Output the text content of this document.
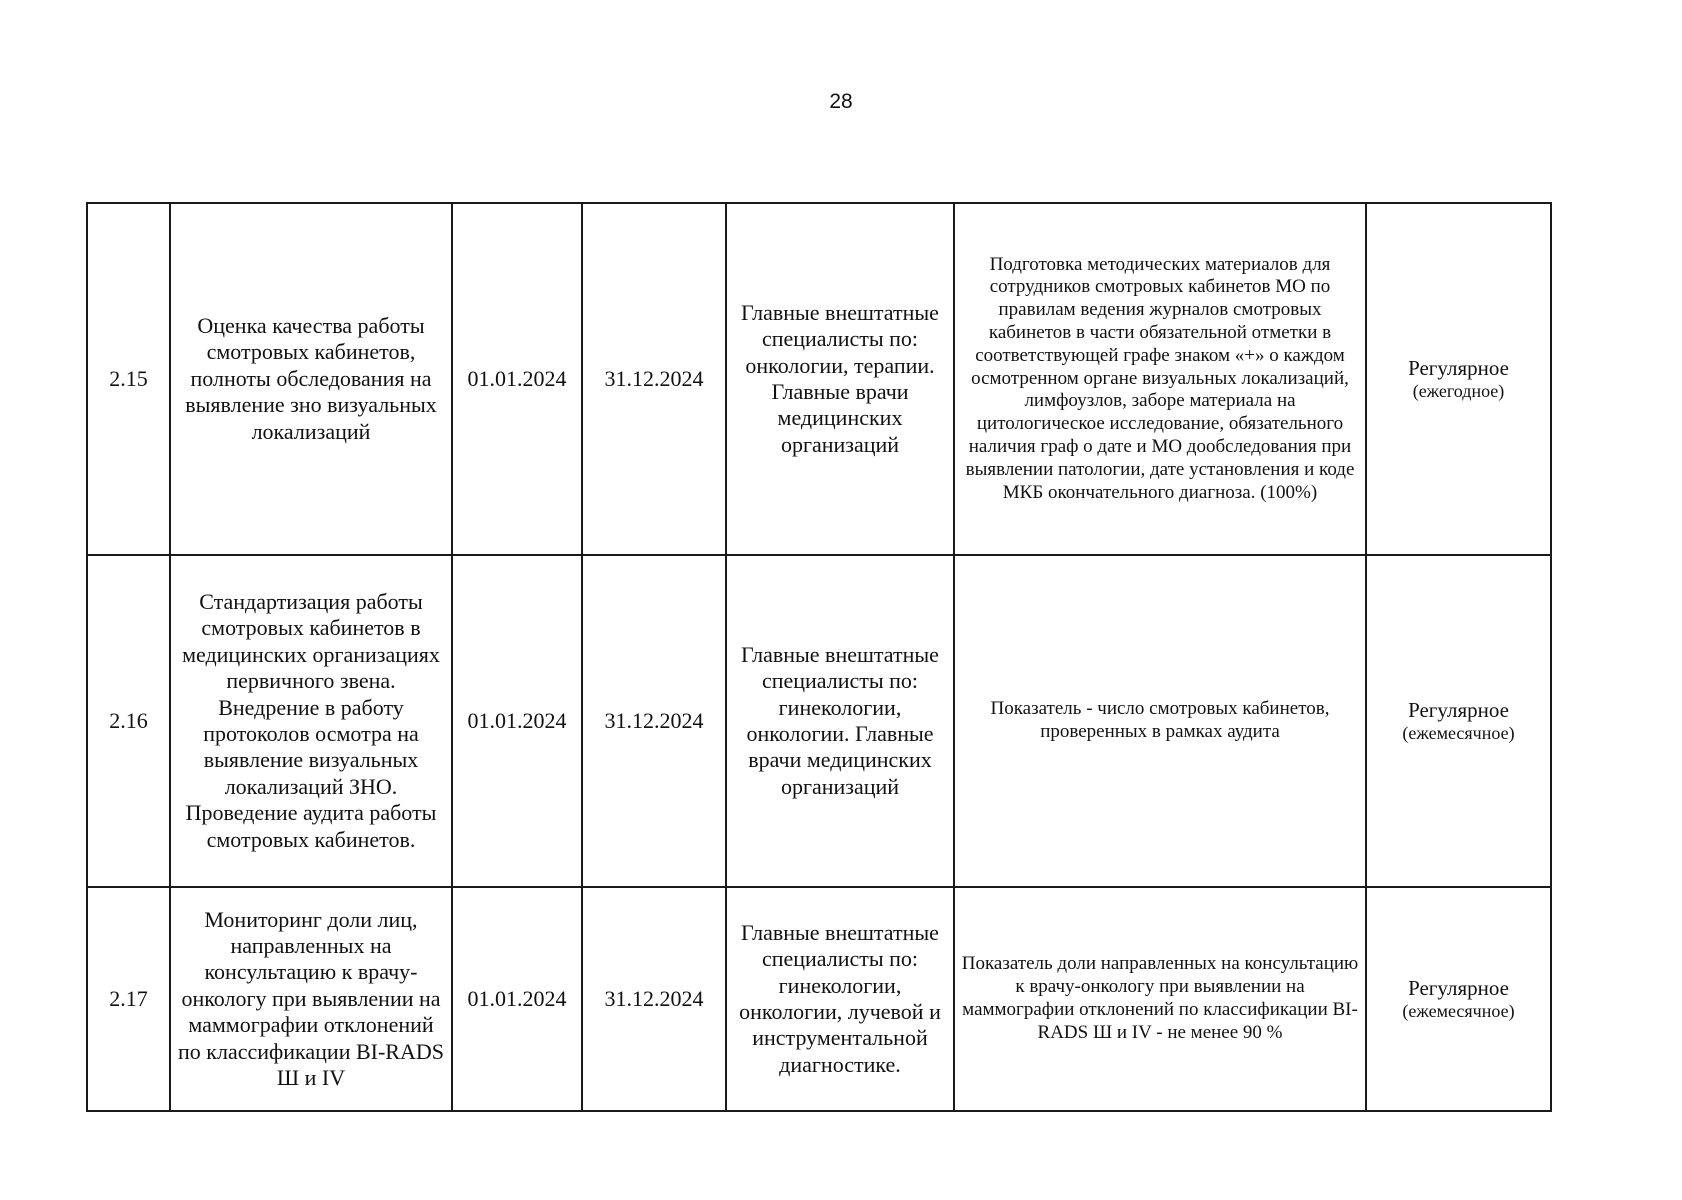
28
2.15	Оценка качества работы смотровых кабинетов, полноты обследования на выявление зно визуальных локализаций	01.01.2024	31.12.2024	Главные внештатные специалисты по: онкологии, терапии. Главные врачи медицинских организаций	Подготовка методических материалов для сотрудников смотровых кабинетов МО по правилам ведения журналов смотровых кабинетов в части обязательной отметки в соответствующей графе знаком «+» о каждом осмотренном органе визуальных локализаций, лимфоузлов, заборе материала на цитологическое исследование, обязательного наличия граф о дате и МО дообследования при выявлении патологии, дате установления и коде МКБ окончательного диагноза. (100%)	Регулярное
(ежегодное)

2.16	Стандартизация работы смотровых кабинетов в медицинских организациях первичного звена. Внедрение в работу протоколов осмотра на выявление визуальных локализаций ЗНО. Проведение аудита работы смотровых кабинетов.	01.01.2024	31.12.2024	Главные внештатные специалисты по: гинекологии, онкологии. Главные врачи медицинских организаций	Показатель - число смотровых кабинетов, проверенных в рамках аудита	Регулярное
(ежемесячное)

2.17	Мониторинг доли лиц, направленных на консультацию к врачу-онкологу при выявлении на маммографии отклонений по классификации BI-RADS Ш и IV	01.01.2024	31.12.2024	Главные внештатные специалисты по: гинекологии, онкологии, лучевой и инструментальной диагностике.	Показатель доли направленных на консультацию к врачу-онкологу при выявлении на маммографии отклонений по классификации BI-RADS Ш и IV - не менее 90 %	Регулярное
(ежемесячное)
